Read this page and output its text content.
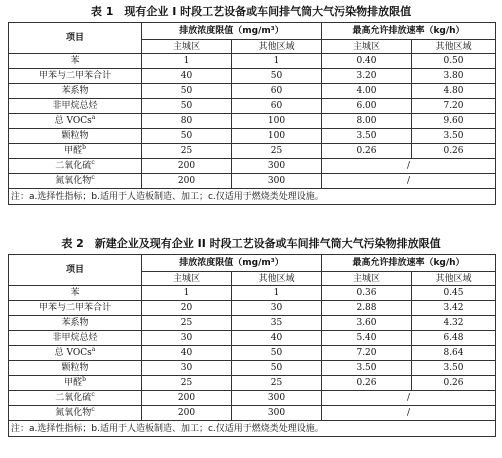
表 1　现有企业 I 时段工艺设备或车间排气筒大气污染物排放限值
项目	排放浓度限值（mg/m³）		最高允许排放速率（kg/h）	
	主城区	其他区域	主城区	其他区域
苯	1	1	0.40	0.50
甲苯与二甲苯合计	40	50	3.20	3.80
苯系物	50	60	4.00	4.80
非甲烷总烃	50	60	6.00	7.20
总 VOCs$^a$	80	100	8.00	9.60
颗粒物	50	100	3.50	3.50
甲醛$^b$	25	25	0.26	0.26
二氧化硫$^c$	200	300	/	
氮氧化物$^c$	200	300	/	
注：a.选择性指标；b.适用于人造板制造、加工；c.仅适用于燃烧类处理设施。				
表 2　新建企业及现有企业 II 时段工艺设备或车间排气筒大气污染物排放限值
项目	排放浓度限值（mg/m³）		最高允许排放速率（kg/h）	
	主城区	其他区域	主城区	其他区域
苯	1	1	0.36	0.45
甲苯与二甲苯合计	20	30	2.88	3.42
苯系物	25	35	3.60	4.32
非甲烷总烃	30	40	5.40	6.48
总 VOCs$^a$	40	50	7.20	8.64
颗粒物	30	50	3.50	3.50
甲醛$^b$	25	25	0.26	0.26
二氧化硫$^c$	200	300	/	
氮氧化物$^c$	200	300	/	
注：a.选择性指标；b.适用于人造板制造、加工；c.仅适用于燃烧类处理设施。				
